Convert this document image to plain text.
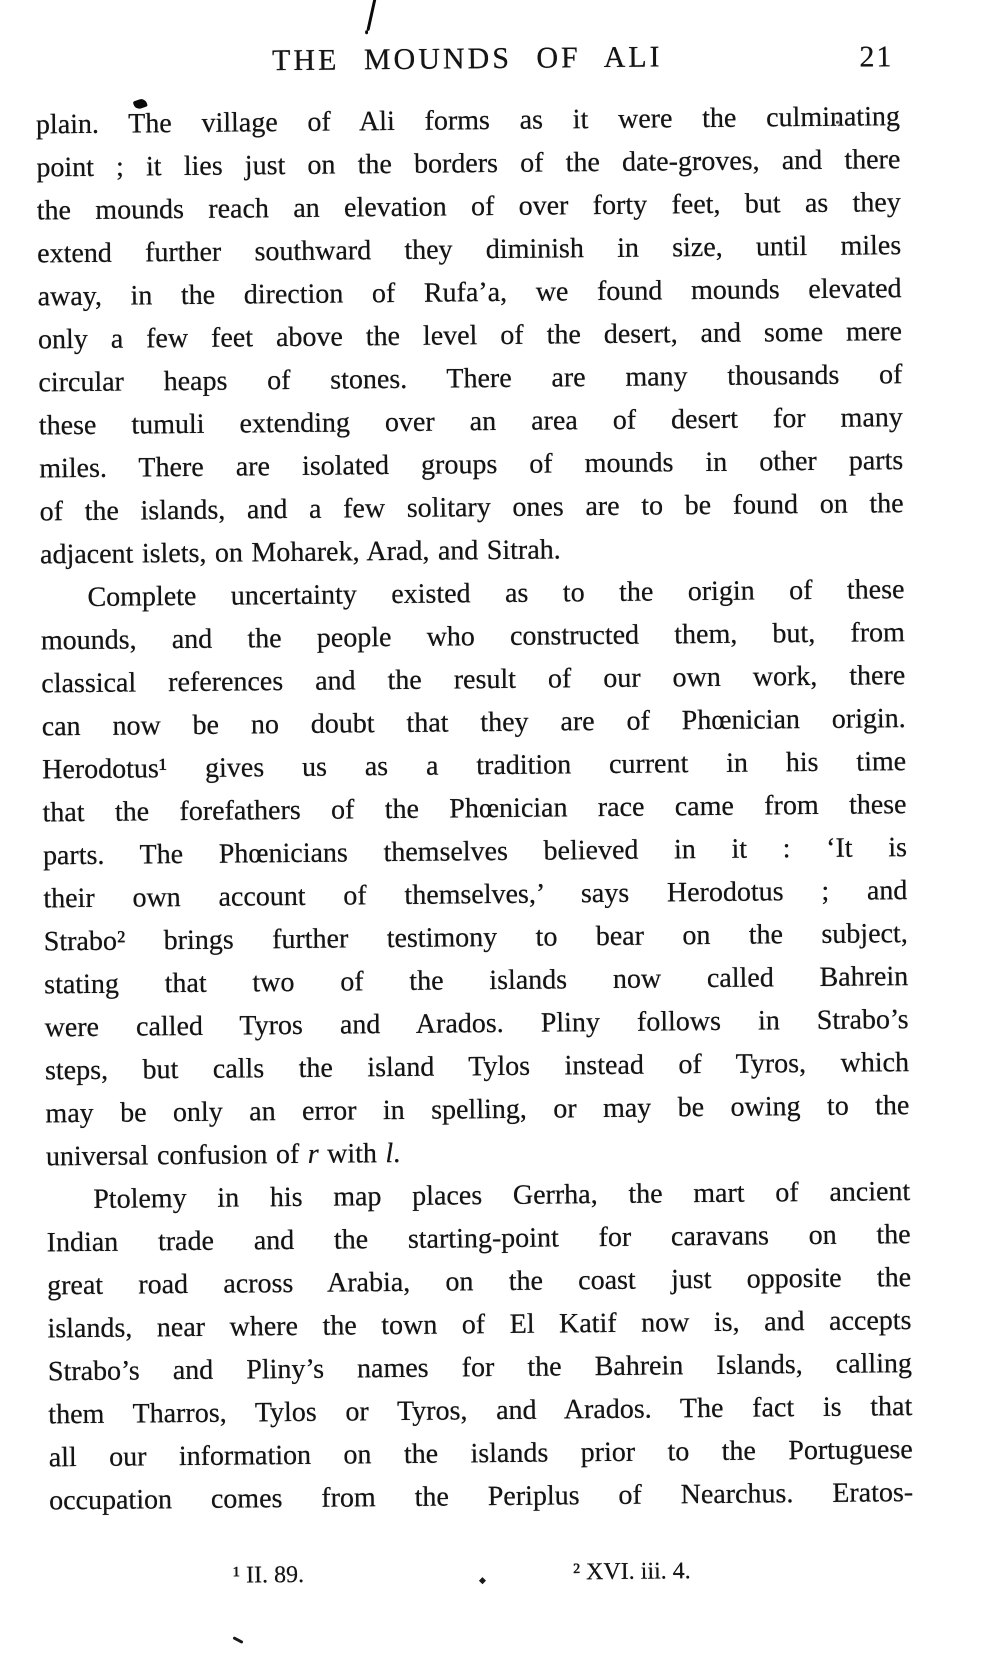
THE MOUNDS OF ALI	21
plain. The village of Ali forms as it were the culminating
point ; it lies just on the borders of the date-groves, and there
the mounds reach an elevation of over forty feet, but as they
extend further southward they diminish in size, until miles
away, in the direction of Rufa’a, we found mounds elevated
only a few feet above the level of the desert, and some mere
circular heaps of stones. There are many thousands of
these tumuli extending over an area of desert for many
miles. There are isolated groups of mounds in other parts
of the islands, and a few solitary ones are to be found on the
adjacent islets, on Moharek, Arad, and Sitrah.
Complete uncertainty existed as to the origin of these
mounds, and the people who constructed them, but, from
classical references and the result of our own work, there
can now be no doubt that they are of Phœnician origin.
Herodotus¹ gives us as a tradition current in his time
that the forefathers of the Phœnician race came from these
parts. The Phœnicians themselves believed in it : ‘It is
their own account of themselves,’ says Herodotus ; and
Strabo² brings further testimony to bear on the subject,
stating that two of the islands now called Bahrein
were called Tyros and Arados. Pliny follows in Strabo’s
steps, but calls the island Tylos instead of Tyros, which
may be only an error in spelling, or may be owing to the
universal confusion of r with l.
Ptolemy in his map places Gerrha, the mart of ancient
Indian trade and the starting-point for caravans on the
great road across Arabia, on the coast just opposite the
islands, near where the town of El Katif now is, and accepts
Strabo’s and Pliny’s names for the Bahrein Islands, calling
them Tharros, Tylos or Tyros, and Arados. The fact is that
all our information on the islands prior to the Portuguese
occupation comes from the Periplus of Nearchus. Eratos-
¹ II. 89.	² XVI. iii. 4.
